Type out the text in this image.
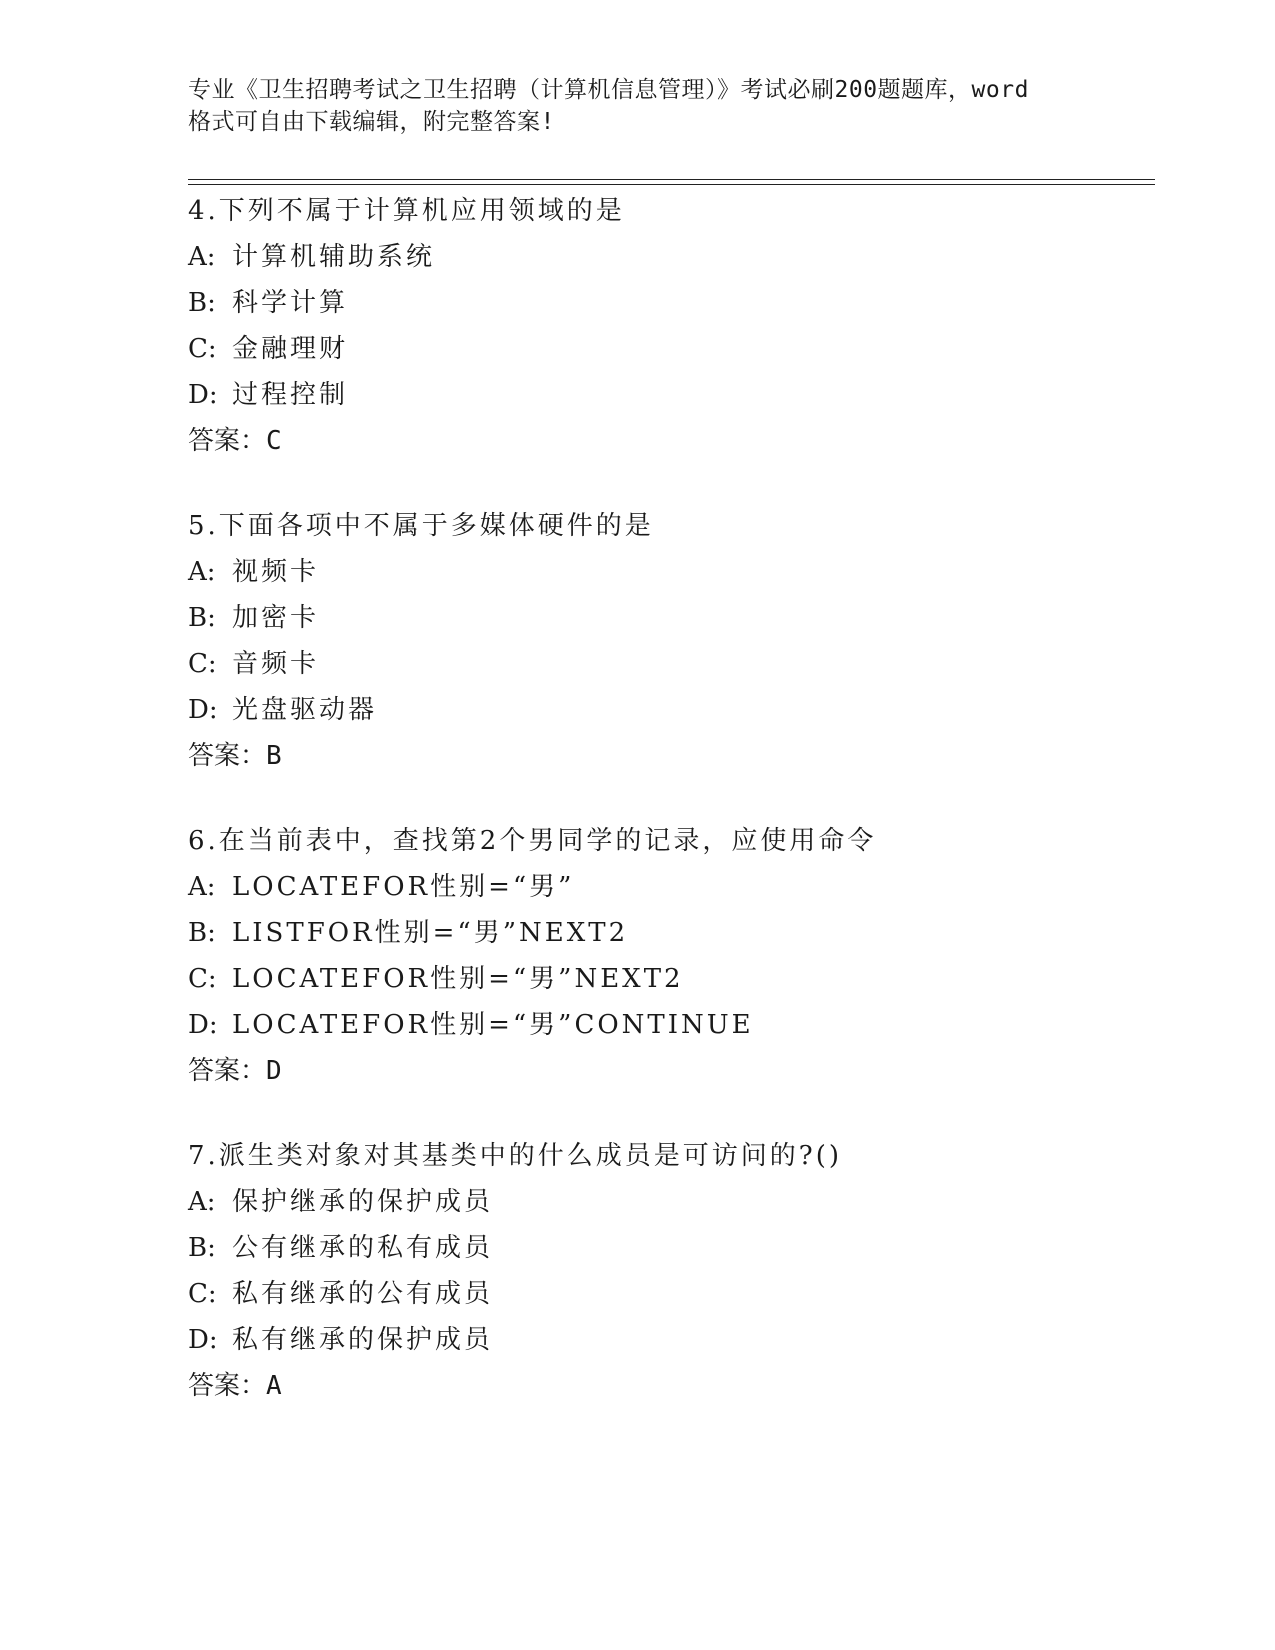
专业《卫生招聘考试之卫生招聘（计算机信息管理）》考试必刷200题题库，word
格式可自由下载编辑，附完整答案!
4.下列不属于计算机应用领域的是
A: 计算机辅助系统
B: 科学计算
C: 金融理财
D: 过程控制
答案：C
5.下面各项中不属于多媒体硬件的是
A: 视频卡
B: 加密卡
C: 音频卡
D: 光盘驱动器
答案：B
6.在当前表中，查找第2个男同学的记录，应使用命令
A: LOCATEFOR性别=“男”
B: LISTFOR性别=“男”NEXT2
C: LOCATEFOR性别=“男”NEXT2
D: LOCATEFOR性别=“男”CONTINUE
答案：D
7.派生类对象对其基类中的什么成员是可访问的?()
A: 保护继承的保护成员
B: 公有继承的私有成员
C: 私有继承的公有成员
D: 私有继承的保护成员
答案：A
